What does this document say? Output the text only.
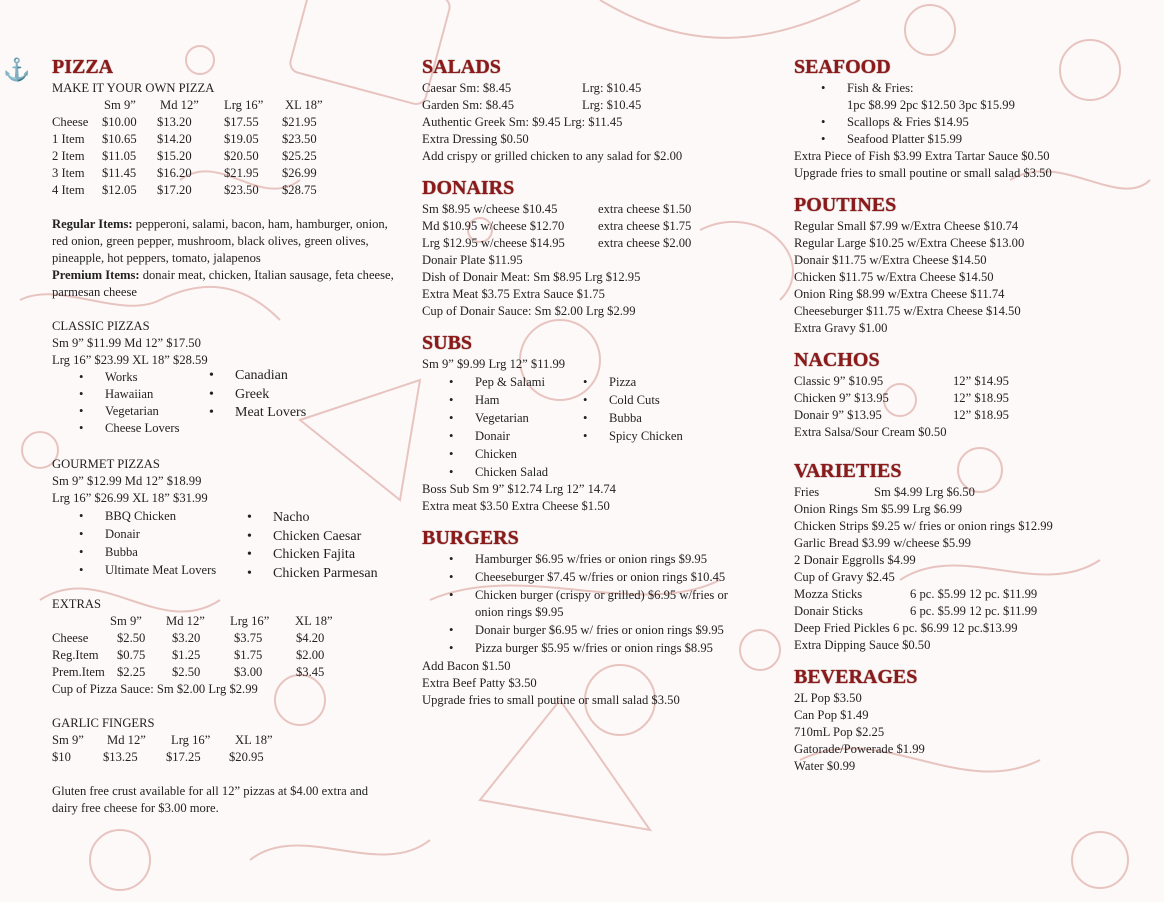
⚓ PIZZA
MAKE IT YOUR OWN PIZZA
Sm 9” Md 12” Lrg 16” XL 18”
Cheese $10.00 $13.20	$17.55 $21.95
1 Item $10.65 $14.20	$19.05 $23.50
2 Item $11.05 $15.20	$20.50 $25.25
3 Item $11.45 $16.20	$21.95 $26.99
4 Item $12.05 $17.20	$23.50 $28.75
Regular Items: pepperoni, salami, bacon, ham, hamburger, onion, red onion, green pepper, mushroom, black olives, green olives, pineapple, hot peppers, tomato, jalapenos
Premium Items: donair meat, chicken, Italian sausage, feta cheese, parmesan cheese
CLASSIC PIZZAS
Sm 9” $11.99 Md 12” $17.50
Lrg 16” $23.99 XL 18” $28.59
• Works
• Hawaiian
• Vegetarian
• Cheese Lovers
• Canadian
• Greek
• Meat Lovers
GOURMET PIZZAS
Sm 9” $12.99 Md 12” $18.99
Lrg 16” $26.99 XL 18” $31.99
• BBQ Chicken
• Donair
• Bubba
• Ultimate Meat Lovers
• Nacho
• Chicken Caesar
• Chicken Fajita
• Chicken Parmesan
EXTRAS
Sm 9” Md 12” Lrg 16” XL 18”
Cheese $2.50 $3.20	$3.75	$4.20
Reg.Item $0.75 $1.25	$1.75	$2.00
Prem.Item $2.25 $2.50	$3.00	$3.45
Cup of Pizza Sauce: Sm $2.00 Lrg $2.99
GARLIC FINGERS
Sm 9” Md 12” Lrg 16” XL 18”
$10	$13.25 $17.25 $20.95
Gluten free crust available for all 12” pizzas at $4.00 extra and dairy free cheese for $3.00 more.
SALADS
Caesar Sm: $8.45	Lrg: $10.45
Garden Sm: $8.45	Lrg: $10.45
Authentic Greek Sm: $9.45 Lrg: $11.45
Extra Dressing $0.50
Add crispy or grilled chicken to any salad for $2.00
DONAIRS
Sm $8.95 w/cheese $10.45	extra cheese $1.50
Md $10.95 w/cheese $12.70	extra cheese $1.75
Lrg $12.95 w/cheese $14.95	extra cheese $2.00
Donair Plate $11.95
Dish of Donair Meat: Sm $8.95 Lrg $12.95
Extra Meat $3.75 Extra Sauce $1.75
Cup of Donair Sauce: Sm $2.00 Lrg $2.99
SUBS
Sm 9” $9.99 Lrg 12” $11.99
• Pep & Salami
• Ham
• Vegetarian
• Donair
• Chicken
• Chicken Salad
• Pizza
• Cold Cuts
• Bubba
• Spicy Chicken
Boss Sub Sm 9” $12.74 Lrg 12” 14.74
Extra meat $3.50 Extra Cheese $1.50
BURGERS
• Hamburger $6.95 w/fries or onion rings $9.95
• Cheeseburger $7.45 w/fries or onion rings $10.45
• Chicken burger (crispy or grilled) $6.95 w/fries or onion rings $9.95
• Donair burger $6.95 w/ fries or onion rings $9.95
• Pizza burger $5.95 w/fries or onion rings $8.95
Add Bacon $1.50
Extra Beef Patty $3.50
Upgrade fries to small poutine or small salad $3.50
SEAFOOD
• Fish & Fries:
1pc $8.99 2pc $12.50 3pc $15.99
• Scallops & Fries $14.95
• Seafood Platter $15.99
Extra Piece of Fish $3.99 Extra Tartar Sauce $0.50
Upgrade fries to small poutine or small salad $3.50
POUTINES
Regular Small $7.99 w/Extra Cheese $10.74
Regular Large $10.25 w/Extra Cheese $13.00
Donair $11.75 w/Extra Cheese $14.50
Chicken $11.75 w/Extra Cheese $14.50
Onion Ring $8.99 w/Extra Cheese $11.74
Cheeseburger $11.75 w/Extra Cheese $14.50
Extra Gravy $1.00
NACHOS
Classic 9” $10.95	12” $14.95
Chicken 9” $13.95	12” $18.95
Donair 9” $13.95	12” $18.95
Extra Salsa/Sour Cream $0.50
VARIETIES
Fries	Sm $4.99 Lrg $6.50
Onion Rings Sm $5.99 Lrg $6.99
Chicken Strips $9.25 w/ fries or onion rings $12.99
Garlic Bread $3.99 w/cheese $5.99
2 Donair Eggrolls $4.99
Cup of Gravy $2.45
Mozza Sticks	6 pc. $5.99 12 pc. $11.99
Donair Sticks	6 pc. $5.99 12 pc. $11.99
Deep Fried Pickles 6 pc. $6.99 12 pc.$13.99
Extra Dipping Sauce $0.50
BEVERAGES
2L Pop $3.50
Can Pop $1.49
710mL Pop $2.25
Gatorade/Powerade $1.99
Water $0.99
